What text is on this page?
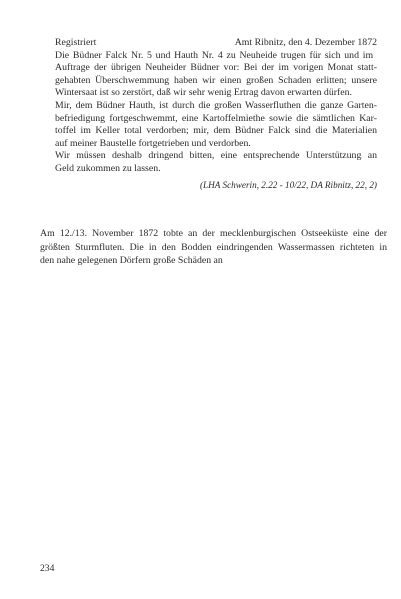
Registriert	Amt Ribnitz, den 4. Dezember 1872
Die Büdner Falck Nr. 5 und Hauth Nr. 4 zu Neuheide trugen für sich und im
Auftrage der übrigen Neuheider Büdner vor: Bei der im vorigen Monat statt-
gehabten Überschwemmung haben wir einen großen Schaden erlitten; unsere
Wintersaat ist so zerstört, daß wir sehr wenig Ertrag davon erwarten dürfen.
Mir, dem Büdner Hauth, ist durch die großen Wasserfluthen die ganze Garten-
befriedigung fortgeschwemmt, eine Kartoffelmiethe sowie die sämtlichen Kar-
toffel im Keller total verdorben; mir, dem Büdner Falck sind die Materialien
auf meiner Baustelle fortgetrieben und verdorben.
Wir müssen deshalb dringend bitten, eine entsprechende Unterstützung an
Geld zukommen zu lassen.
(LHA Schwerin, 2.22 - 10/22, DA Ribnitz, 22, 2)
Am 12./13. November 1872 tobte an der mecklenburgischen Ostseeküste eine der
größten Sturmfluten. Die in den Bodden eindringenden Wassermassen richteten in
den nahe gelegenen Dörfern große Schäden an
234
